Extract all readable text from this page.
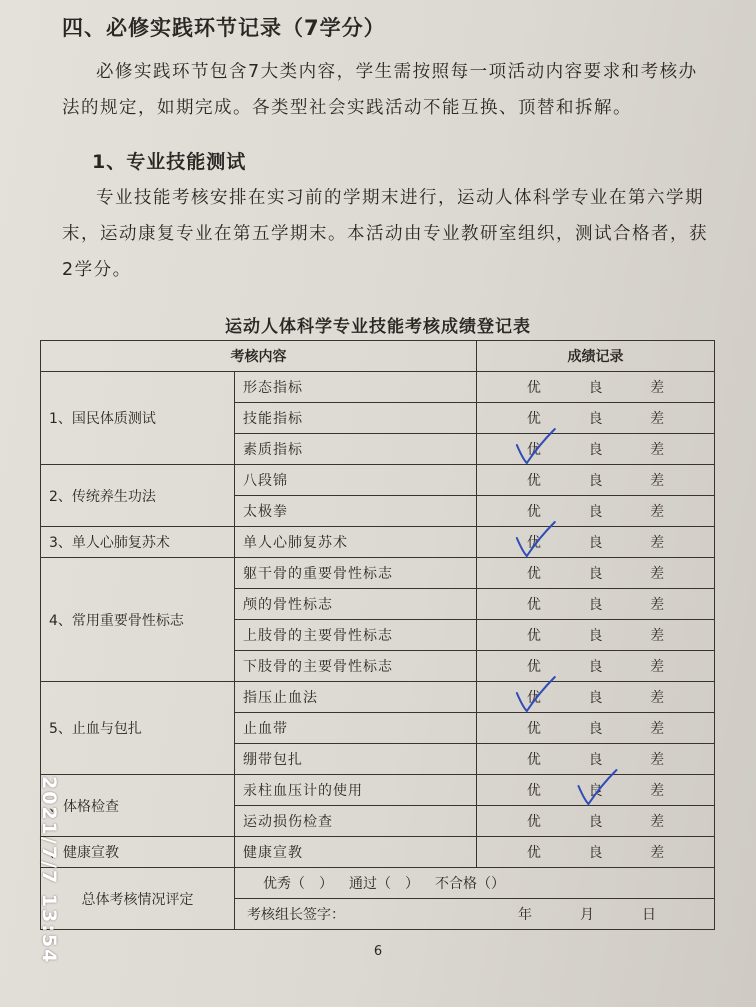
四、必修实践环节记录（7学分）
必修实践环节包含7大类内容，学生需按照每一项活动内容要求和考核办法的规定，如期完成。各类型社会实践活动不能互换、顶替和拆解。
1、专业技能测试
专业技能考核安排在实习前的学期末进行，运动人体科学专业在第六学期末，运动康复专业在第五学期末。本活动由专业教研室组织，测试合格者，获2学分。
运动人体科学专业技能考核成绩登记表
考核内容		成绩记录
1、国民体质测试	形态指标	优 良 差

	技能指标	优 良 差

	素质指标	优 良 差

2、传统养生功法	八段锦	优 良 差

	太极拳	优 良 差

3、单人心肺复苏术	单人心肺复苏术	优 良 差

4、常用重要骨性标志	躯干骨的重要骨性标志	优 良 差

	颅的骨性标志	优 良 差

	上肢骨的主要骨性标志	优 良 差

	下肢骨的主要骨性标志	优 良 差

5、止血与包扎	指压止血法	优 良 差

	止血带	优 良 差

	绷带包扎	优 良 差

、体格检查	汞柱血压计的使用	优 良 差

	运动损伤检查	优 良 差

、健康宣教	健康宣教	优 良 差

总体考核情况评定	优秀（　） 通过（　） 不合格（）	

	考核组长签字： 年 月 日	
6
2021/7/7 13:54
